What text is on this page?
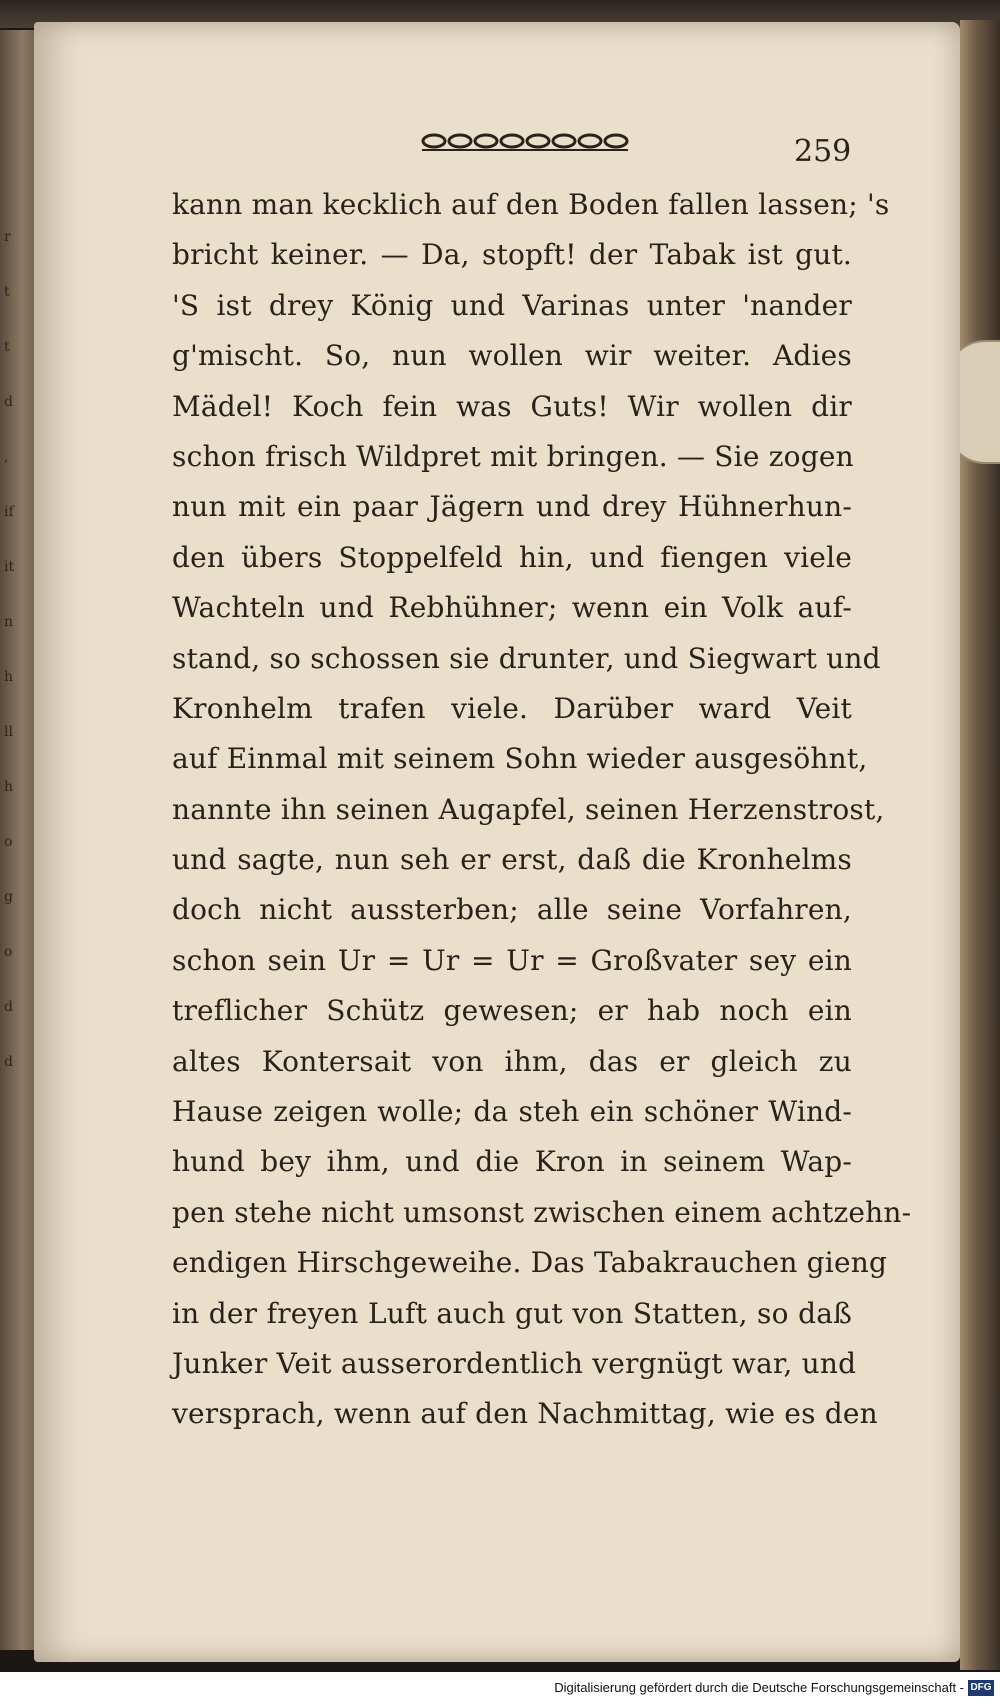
r
t
t
d
,
if
it
n
h
ll
h
o
g
o
d
d
259
kann man kecklich auf den Boden fallen lassen; 's
bricht keiner. — Da, stopft! der Tabak ist gut.
'S ist drey König und Varinas unter 'nander
g'mischt. So, nun wollen wir weiter. Adies
Mädel! Koch fein was Guts! Wir wollen dir
schon frisch Wildpret mit bringen. — Sie zogen
nun mit ein paar Jägern und drey Hühnerhun-
den übers Stoppelfeld hin, und fiengen viele
Wachteln und Rebhühner; wenn ein Volk auf-
stand, so schossen sie drunter, und Siegwart und
Kronhelm trafen viele. Darüber ward Veit
auf Einmal mit seinem Sohn wieder ausgesöhnt,
nannte ihn seinen Augapfel, seinen Herzenstrost,
und sagte, nun seh er erst, daß die Kronhelms
doch nicht aussterben; alle seine Vorfahren,
schon sein Ur = Ur = Ur = Großvater sey ein
treflicher Schütz gewesen; er hab noch ein
altes Kontersait von ihm, das er gleich zu
Hause zeigen wolle; da steh ein schöner Wind-
hund bey ihm, und die Kron in seinem Wap-
pen stehe nicht umsonst zwischen einem achtzehn-
endigen Hirschgeweihe. Das Tabakrauchen gieng
in der freyen Luft auch gut von Statten, so daß
Junker Veit ausserordentlich vergnügt war, und
versprach, wenn auf den Nachmittag, wie es den
Digitalisierung gefördert durch die Deutsche Forschungsgemeinschaft - DFG
